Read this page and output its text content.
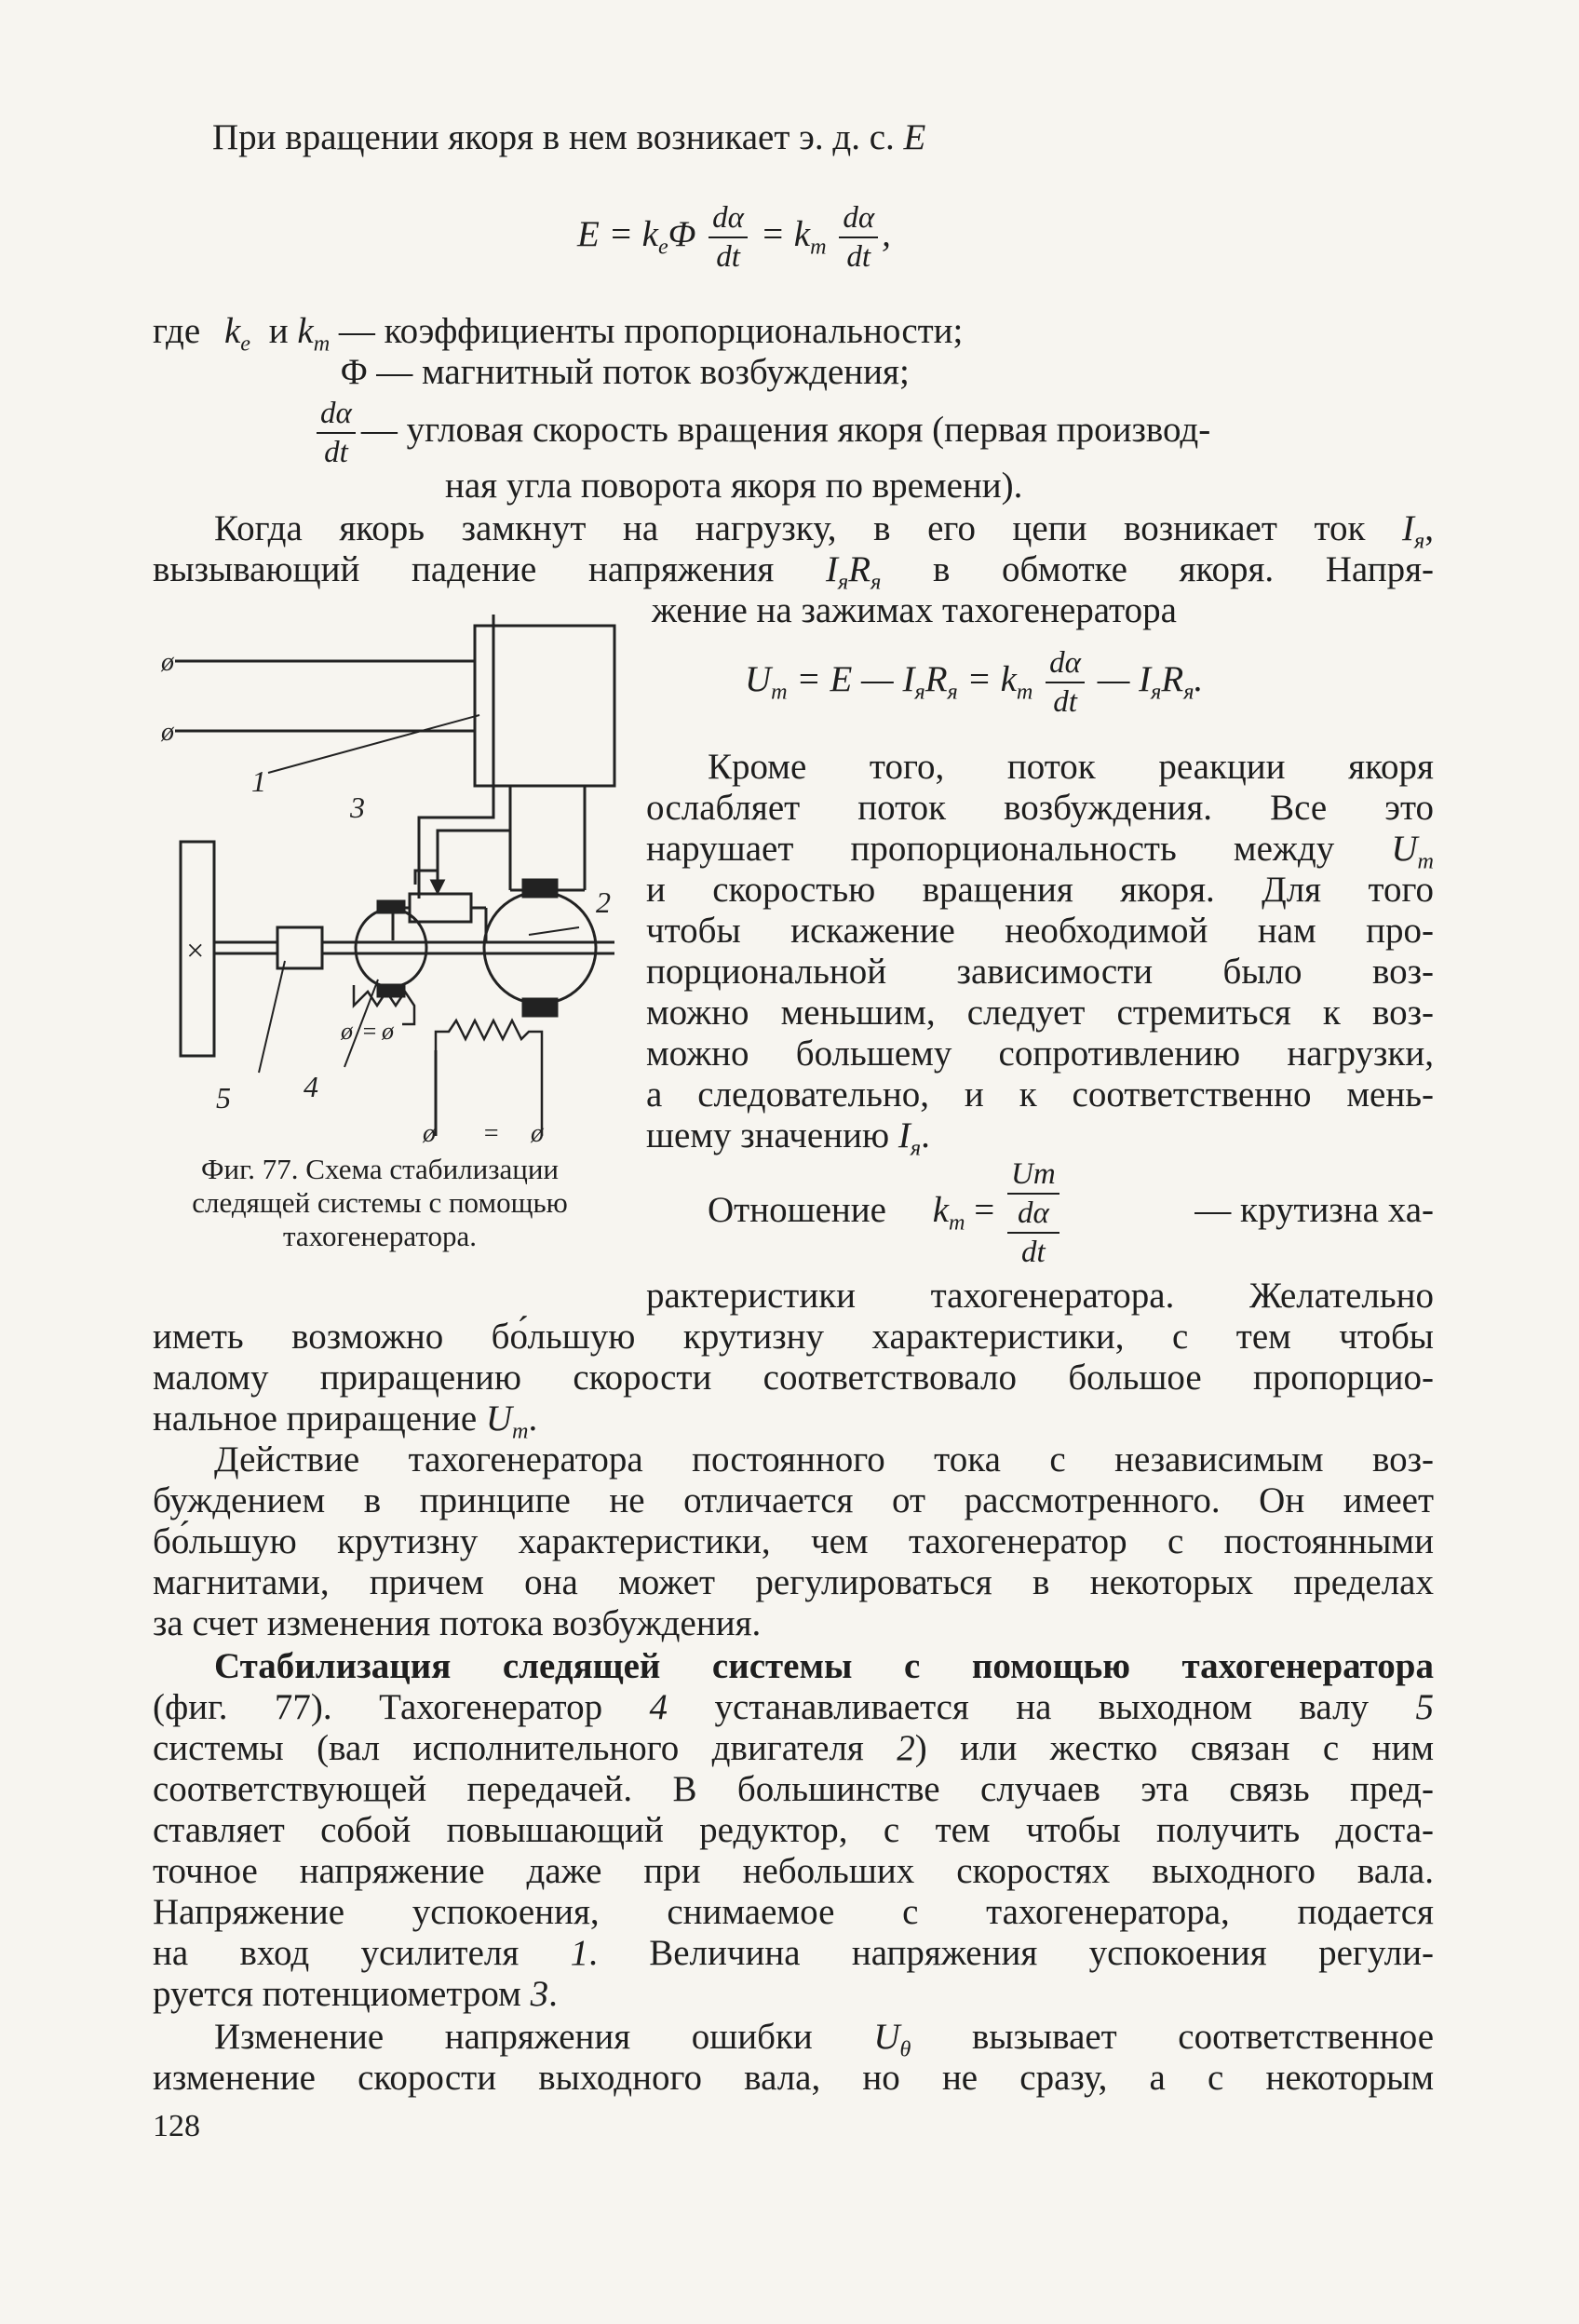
При вращении якоря в нем возникает э. д. с. E
$E = k_e\Phi \frac{d\alpha}{dt} = k_т \frac{d\alpha}{dt}$ ,
где $k_e$ и $k_т$ — коэффициенты пропорциональности;
Φ — магнитный поток возбуждения;
$\frac{d\alpha}{dt}$ — угловая скорость вращения якоря (первая производ-
ная угла поворота якоря по времени).
Когда якорь замкнут на нагрузку, в его цепи возникает ток $I_я$,
вызывающий падение напряжения $I_яR_я$ в обмотке якоря. Напря-
жение на зажимах тахогенератора
$U_т = E$ — $I_яR_я = k_т \frac{d\alpha}{dt}$ — $I_яR_я$.
1
2
3
4
5
×
ø
ø
ø = ø
ø = ø
Фиг. 77. Схема стабилизации
следящей системы с помощью
тахогенератора.
Кроме того, поток реакции якоря
ослабляет поток возбуждения. Все это
нарушает пропорциональность между $U_т$
и скоростью вращения якоря. Для того
чтобы искажение необходимой нам про-
порциональной зависимости было воз-
можно меньшим, следует стремиться к воз-
можно большему сопротивлению нагрузки,
а следовательно, и к соответственно мень-
шему значению $I_я$.
Отношение $k_т$ = Uт
dα
dt	— крутизна ха-
рактеристики тахогенератора. Желательно
иметь возможно бо́льшую крутизну характеристики, с тем чтобы
малому приращению скорости соответствовало большое пропорцио-
нальное приращение $U_т$.
Действие тахогенератора постоянного тока с независимым воз-
буждением в принципе не отличается от рассмотренного. Он имеет
бо́льшую крутизну характеристики, чем тахогенератор с постоянными
магнитами, причем она может регулироваться в некоторых пределах
за счет изменения потока возбуждения.
Стабилизация следящей системы с помощью тахогенератора
(фиг. 77). Тахогенератор 4 устанавливается на выходном валу 5
системы (вал исполнительного двигателя 2) или жестко связан с ним
соответствующей передачей. В большинстве случаев эта связь пред-
ставляет собой повышающий редуктор, с тем чтобы получить доста-
точное напряжение даже при небольших скоростях выходного вала.
Напряжение успокоения, снимаемое с тахогенератора, подается
на вход усилителя 1. Величина напряжения успокоения регули-
руется потенциометром 3.
Изменение напряжения ошибки $U_\theta$ вызывает соответственное
изменение скорости выходного вала, но не сразу, а с некоторым
128
